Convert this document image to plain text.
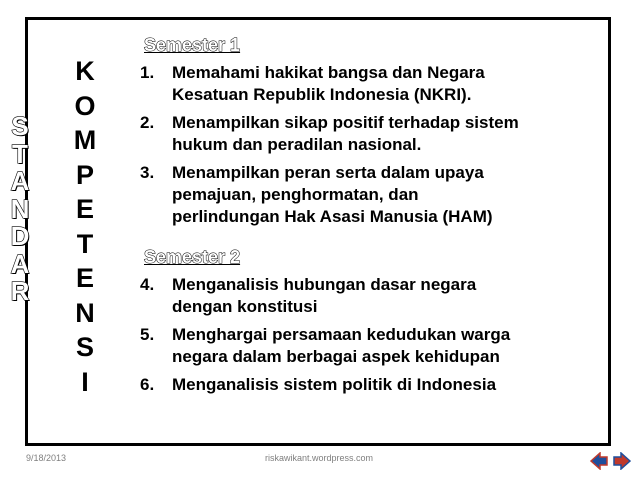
S
T
A
N
D
A
R
K
O
M
P
E
T
E
N
S
I
Semester 1
1.	Memahami hakikat bangsa dan Negara
Kesatuan Republik Indonesia (NKRI).
2.	Menampilkan sikap positif terhadap sistem
hukum dan peradilan nasional.
3.	Menampilkan peran serta dalam upaya
pemajuan, penghormatan, dan
perlindungan Hak Asasi Manusia (HAM)
Semester 2
4.	Menganalisis hubungan dasar negara
dengan konstitusi
5.	Menghargai persamaan kedudukan warga
negara dalam berbagai aspek kehidupan
6.	Menganalisis sistem politik di Indonesia
9/18/2013	riskawikant.wordpress.com
